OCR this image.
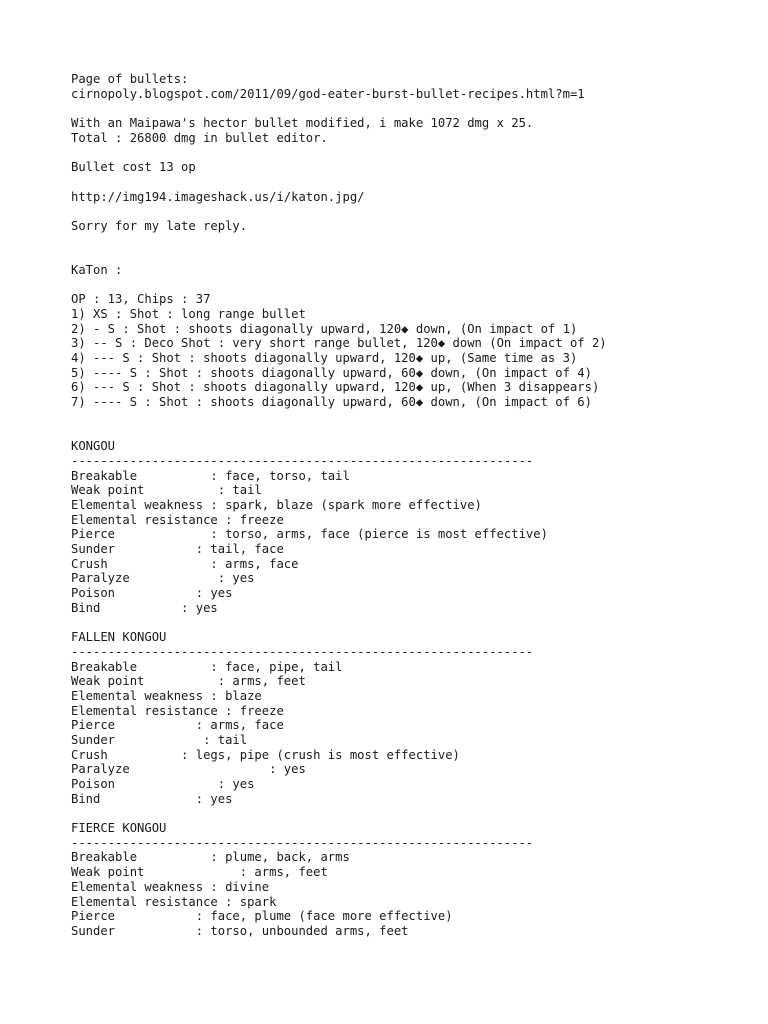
Page of bullets:
cirnopoly.blogspot.com/2011/09/god-eater-burst-bullet-recipes.html?m=1
With an Maipawa's hector bullet modified, i make 1072 dmg x 25.
Total : 26800 dmg in bullet editor.
Bullet cost 13 op
http://img194.imageshack.us/i/katon.jpg/
Sorry for my late reply.
KaTon :
OP : 13, Chips : 37
1) XS : Shot : long range bullet
2) - S : Shot : shoots diagonally upward, 120◆ down, (On impact of 1)
3) -- S : Deco Shot : very short range bullet, 120◆ down (On impact of 2)
4) --- S : Shot : shoots diagonally upward, 120◆ up, (Same time as 3)
5) ---- S : Shot : shoots diagonally upward, 60◆ down, (On impact of 4)
6) --- S : Shot : shoots diagonally upward, 120◆ up, (When 3 disappears)
7) ---- S : Shot : shoots diagonally upward, 60◆ down, (On impact of 6)
KONGOU
---------------------------------------------------------------
Breakable          : face, torso, tail
Weak point          : tail
Elemental weakness : spark, blaze (spark more effective)
Elemental resistance : freeze
Pierce             : torso, arms, face (pierce is most effective)
Sunder           : tail, face
Crush              : arms, face
Paralyze            : yes
Poison           : yes
Bind           : yes
FALLEN KONGOU
---------------------------------------------------------------
Breakable          : face, pipe, tail
Weak point          : arms, feet
Elemental weakness : blaze
Elemental resistance : freeze
Pierce           : arms, face
Sunder            : tail
Crush          : legs, pipe (crush is most effective)
Paralyze                   : yes
Poison              : yes
Bind             : yes
FIERCE KONGOU
---------------------------------------------------------------
Breakable          : plume, back, arms
Weak point             : arms, feet
Elemental weakness : divine
Elemental resistance : spark
Pierce           : face, plume (face more effective)
Sunder           : torso, unbounded arms, feet
